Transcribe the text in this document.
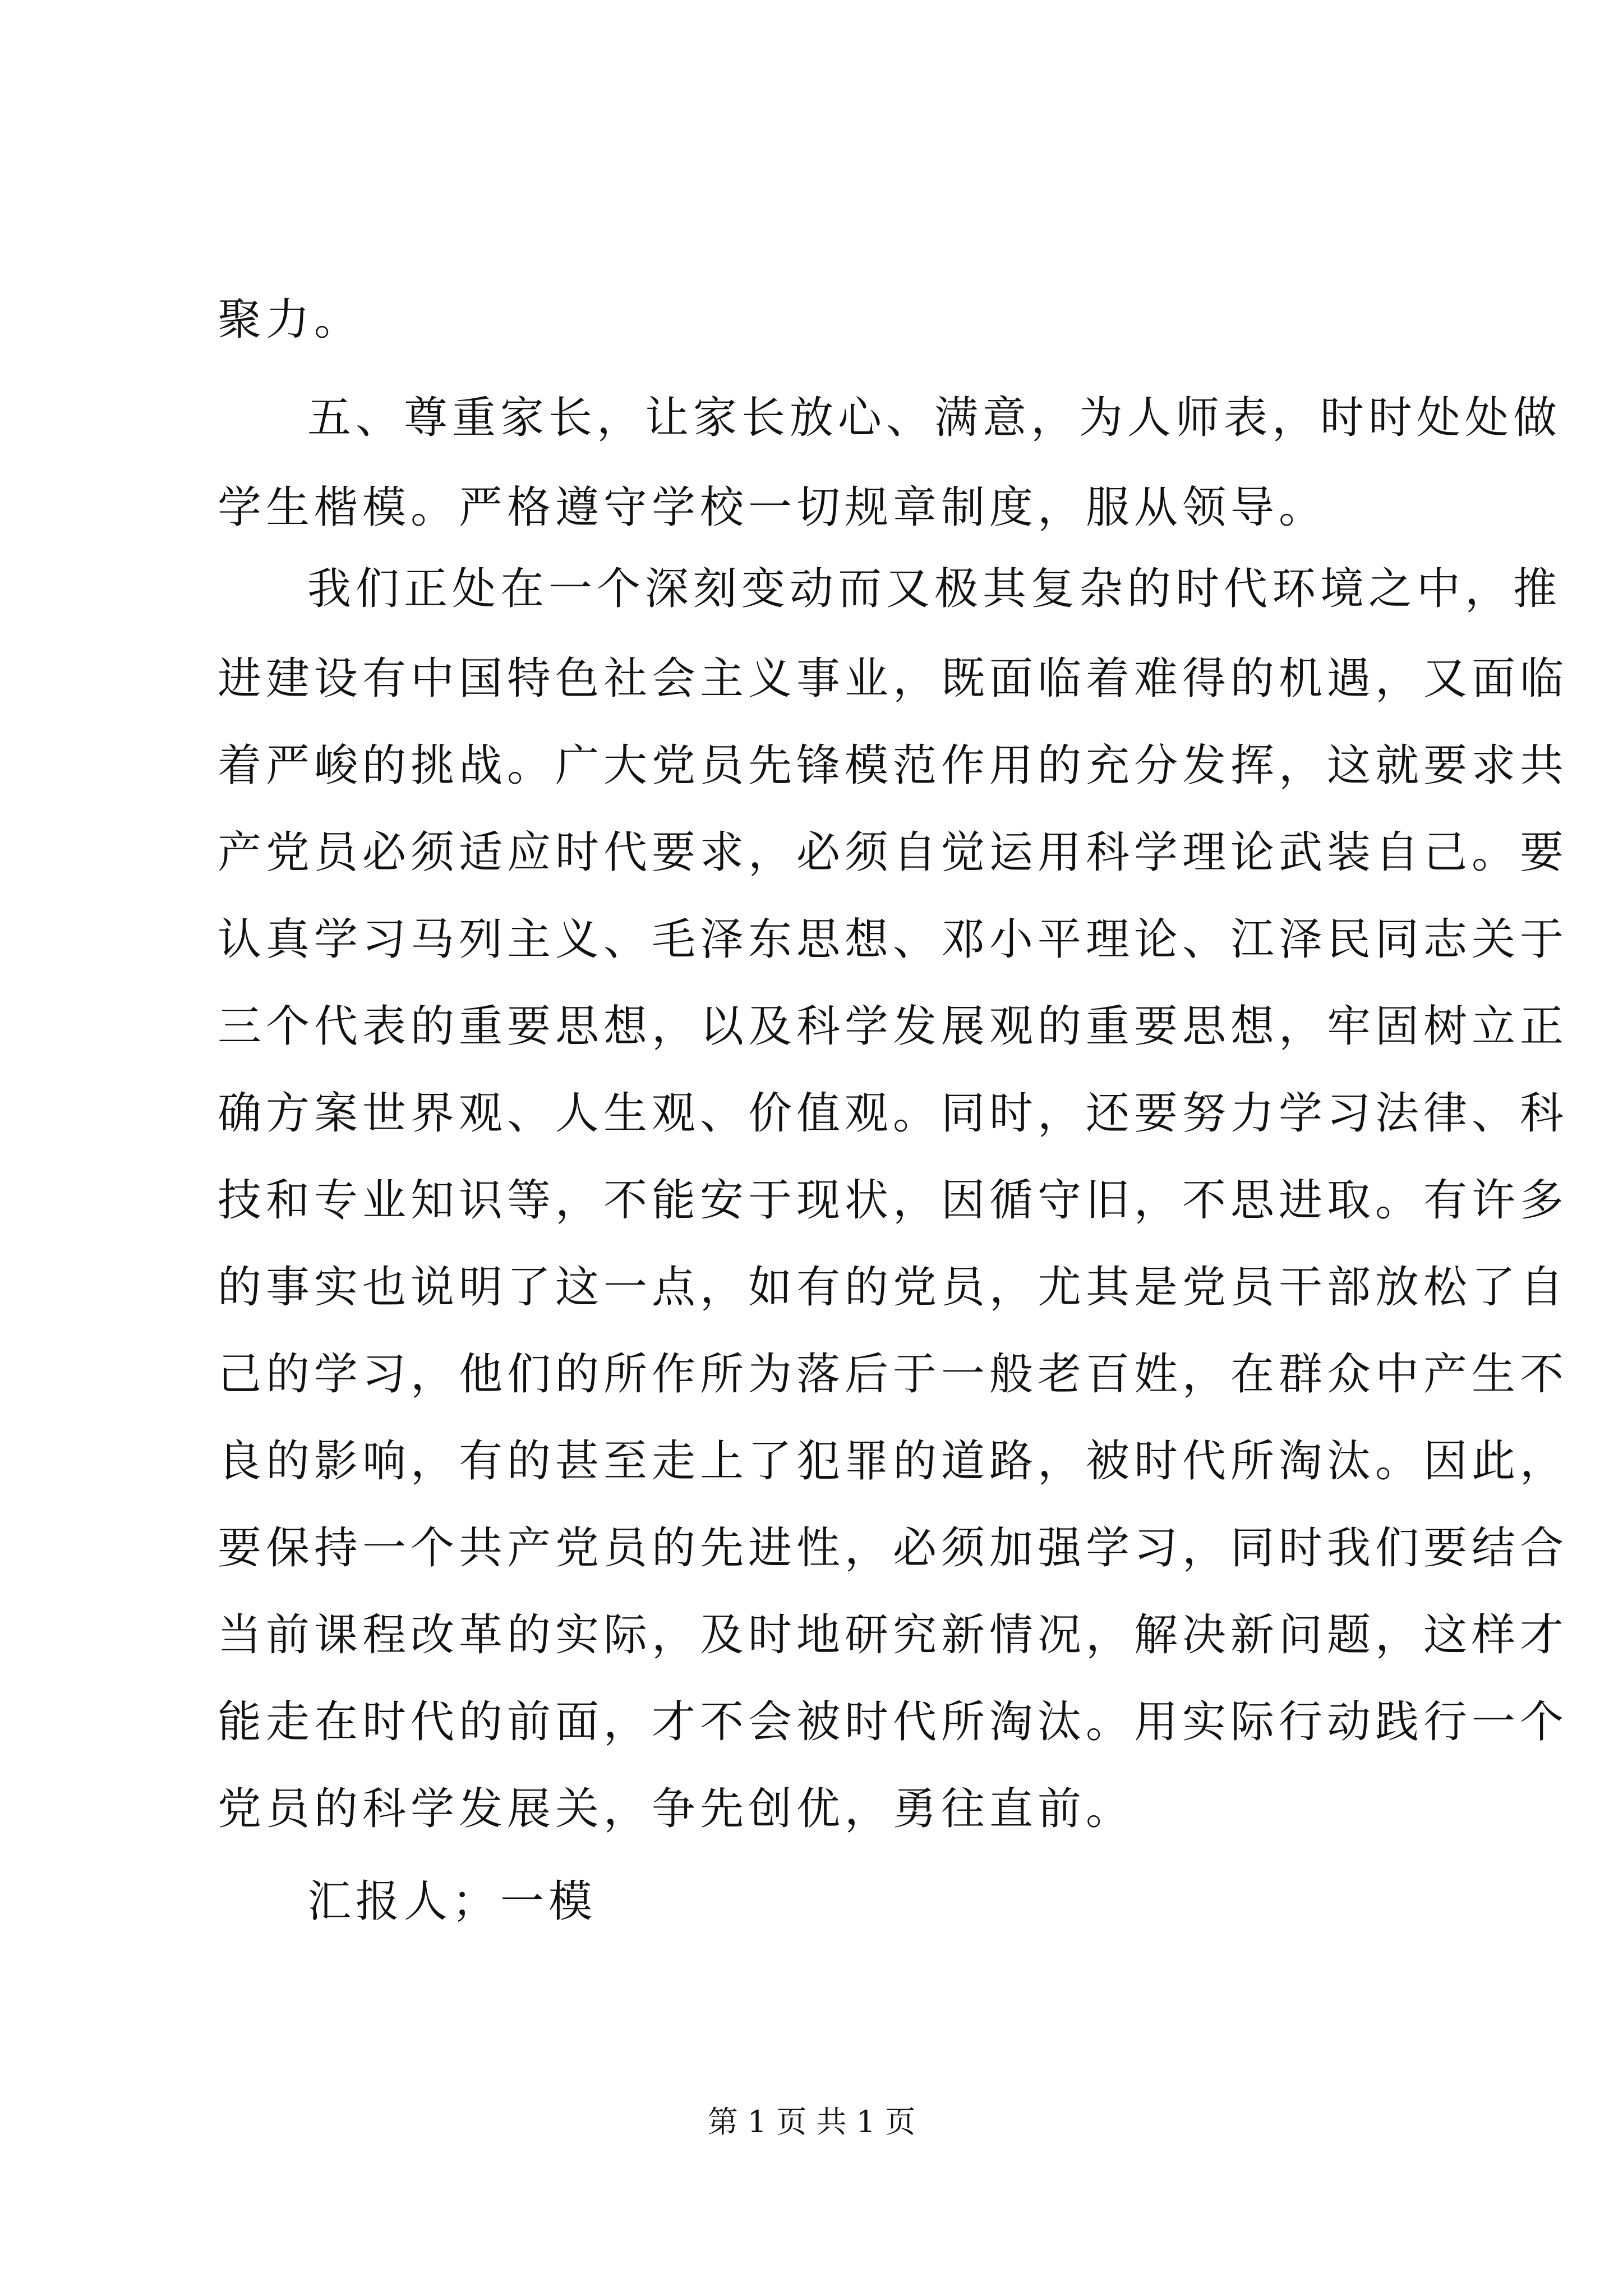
聚力。
五、尊重家长，让家长放心、满意，为人师表，时时处处做
学生楷模。严格遵守学校一切规章制度，服从领导。
我们正处在一个深刻变动而又极其复杂的时代环境之中，推
进建设有中国特色社会主义事业，既面临着难得的机遇，又面临
着严峻的挑战。广大党员先锋模范作用的充分发挥，这就要求共
产党员必须适应时代要求，必须自觉运用科学理论武装自己。要
认真学习马列主义、毛泽东思想、邓小平理论、江泽民同志关于
三个代表的重要思想，以及科学发展观的重要思想，牢固树立正
确方案世界观、人生观、价值观。同时，还要努力学习法律、科
技和专业知识等，不能安于现状，因循守旧，不思进取。有许多
的事实也说明了这一点，如有的党员，尤其是党员干部放松了自
己的学习，他们的所作所为落后于一般老百姓，在群众中产生不
良的影响，有的甚至走上了犯罪的道路，被时代所淘汰。因此，
要保持一个共产党员的先进性，必须加强学习，同时我们要结合
当前课程改革的实际，及时地研究新情况，解决新问题，这样才
能走在时代的前面，才不会被时代所淘汰。用实际行动践行一个
党员的科学发展关，争先创优，勇往直前。
汇报人；一模
第 1 页 共 1 页
